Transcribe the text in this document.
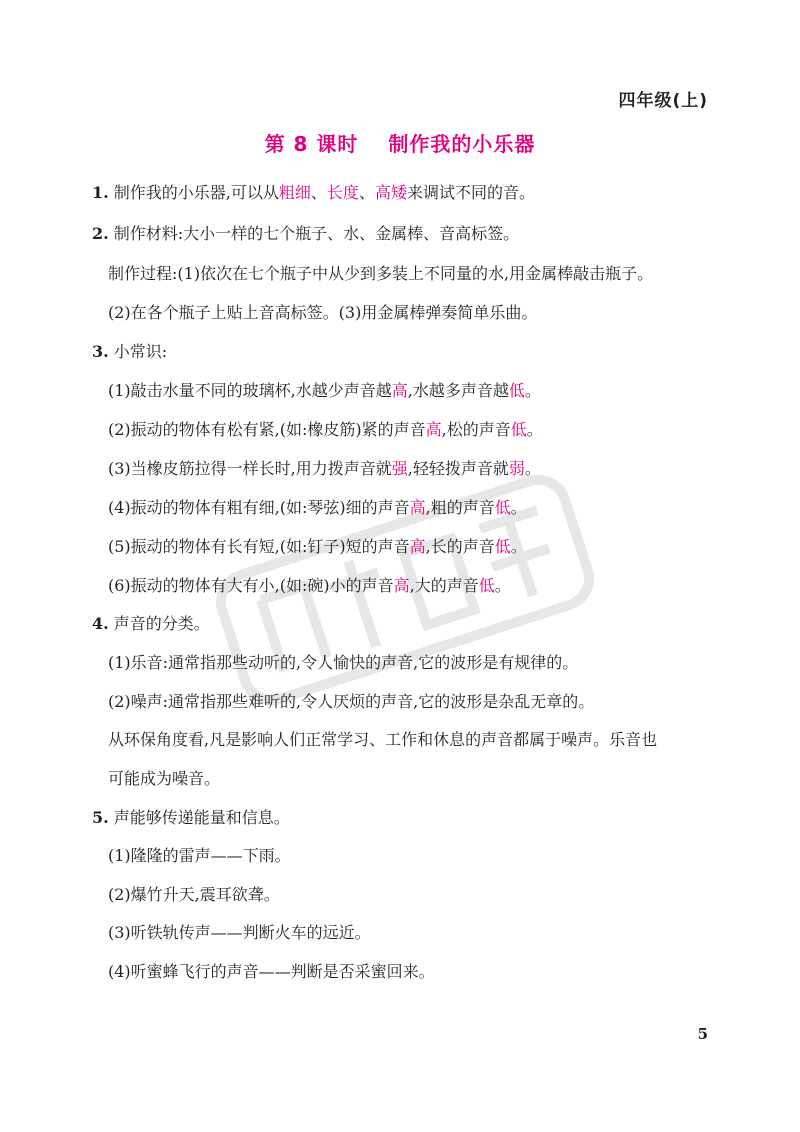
四年级(上)
第 8 课时 制作我的小乐器
1. 制作我的小乐器,可以从粗细、长度、高矮来调试不同的音。
2. 制作材料:大小一样的七个瓶子、水、金属棒、音高标签。
制作过程:(1)依次在七个瓶子中从少到多装上不同量的水,用金属棒敲击瓶子。
(2)在各个瓶子上贴上音高标签。(3)用金属棒弹奏简单乐曲。
3. 小常识:
(1)敲击水量不同的玻璃杯,水越少声音越高,水越多声音越低。
(2)振动的物体有松有紧,(如:橡皮筋)紧的声音高,松的声音低。
(3)当橡皮筋拉得一样长时,用力拨声音就强,轻轻拨声音就弱。
(4)振动的物体有粗有细,(如:琴弦)细的声音高,粗的声音低。
(5)振动的物体有长有短,(如:钉子)短的声音高,长的声音低。
(6)振动的物体有大有小,(如:碗)小的声音高,大的声音低。
4. 声音的分类。
(1)乐音:通常指那些动听的,令人愉快的声音,它的波形是有规律的。
(2)噪声:通常指那些难听的,令人厌烦的声音,它的波形是杂乱无章的。
从环保角度看,凡是影响人们正常学习、工作和休息的声音都属于噪声。乐音也
可能成为噪音。
5. 声能够传递能量和信息。
(1)隆隆的雷声——下雨。
(2)爆竹升天,震耳欲聋。
(3)听铁轨传声——判断火车的远近。
(4)听蜜蜂飞行的声音——判断是否采蜜回来。
5
